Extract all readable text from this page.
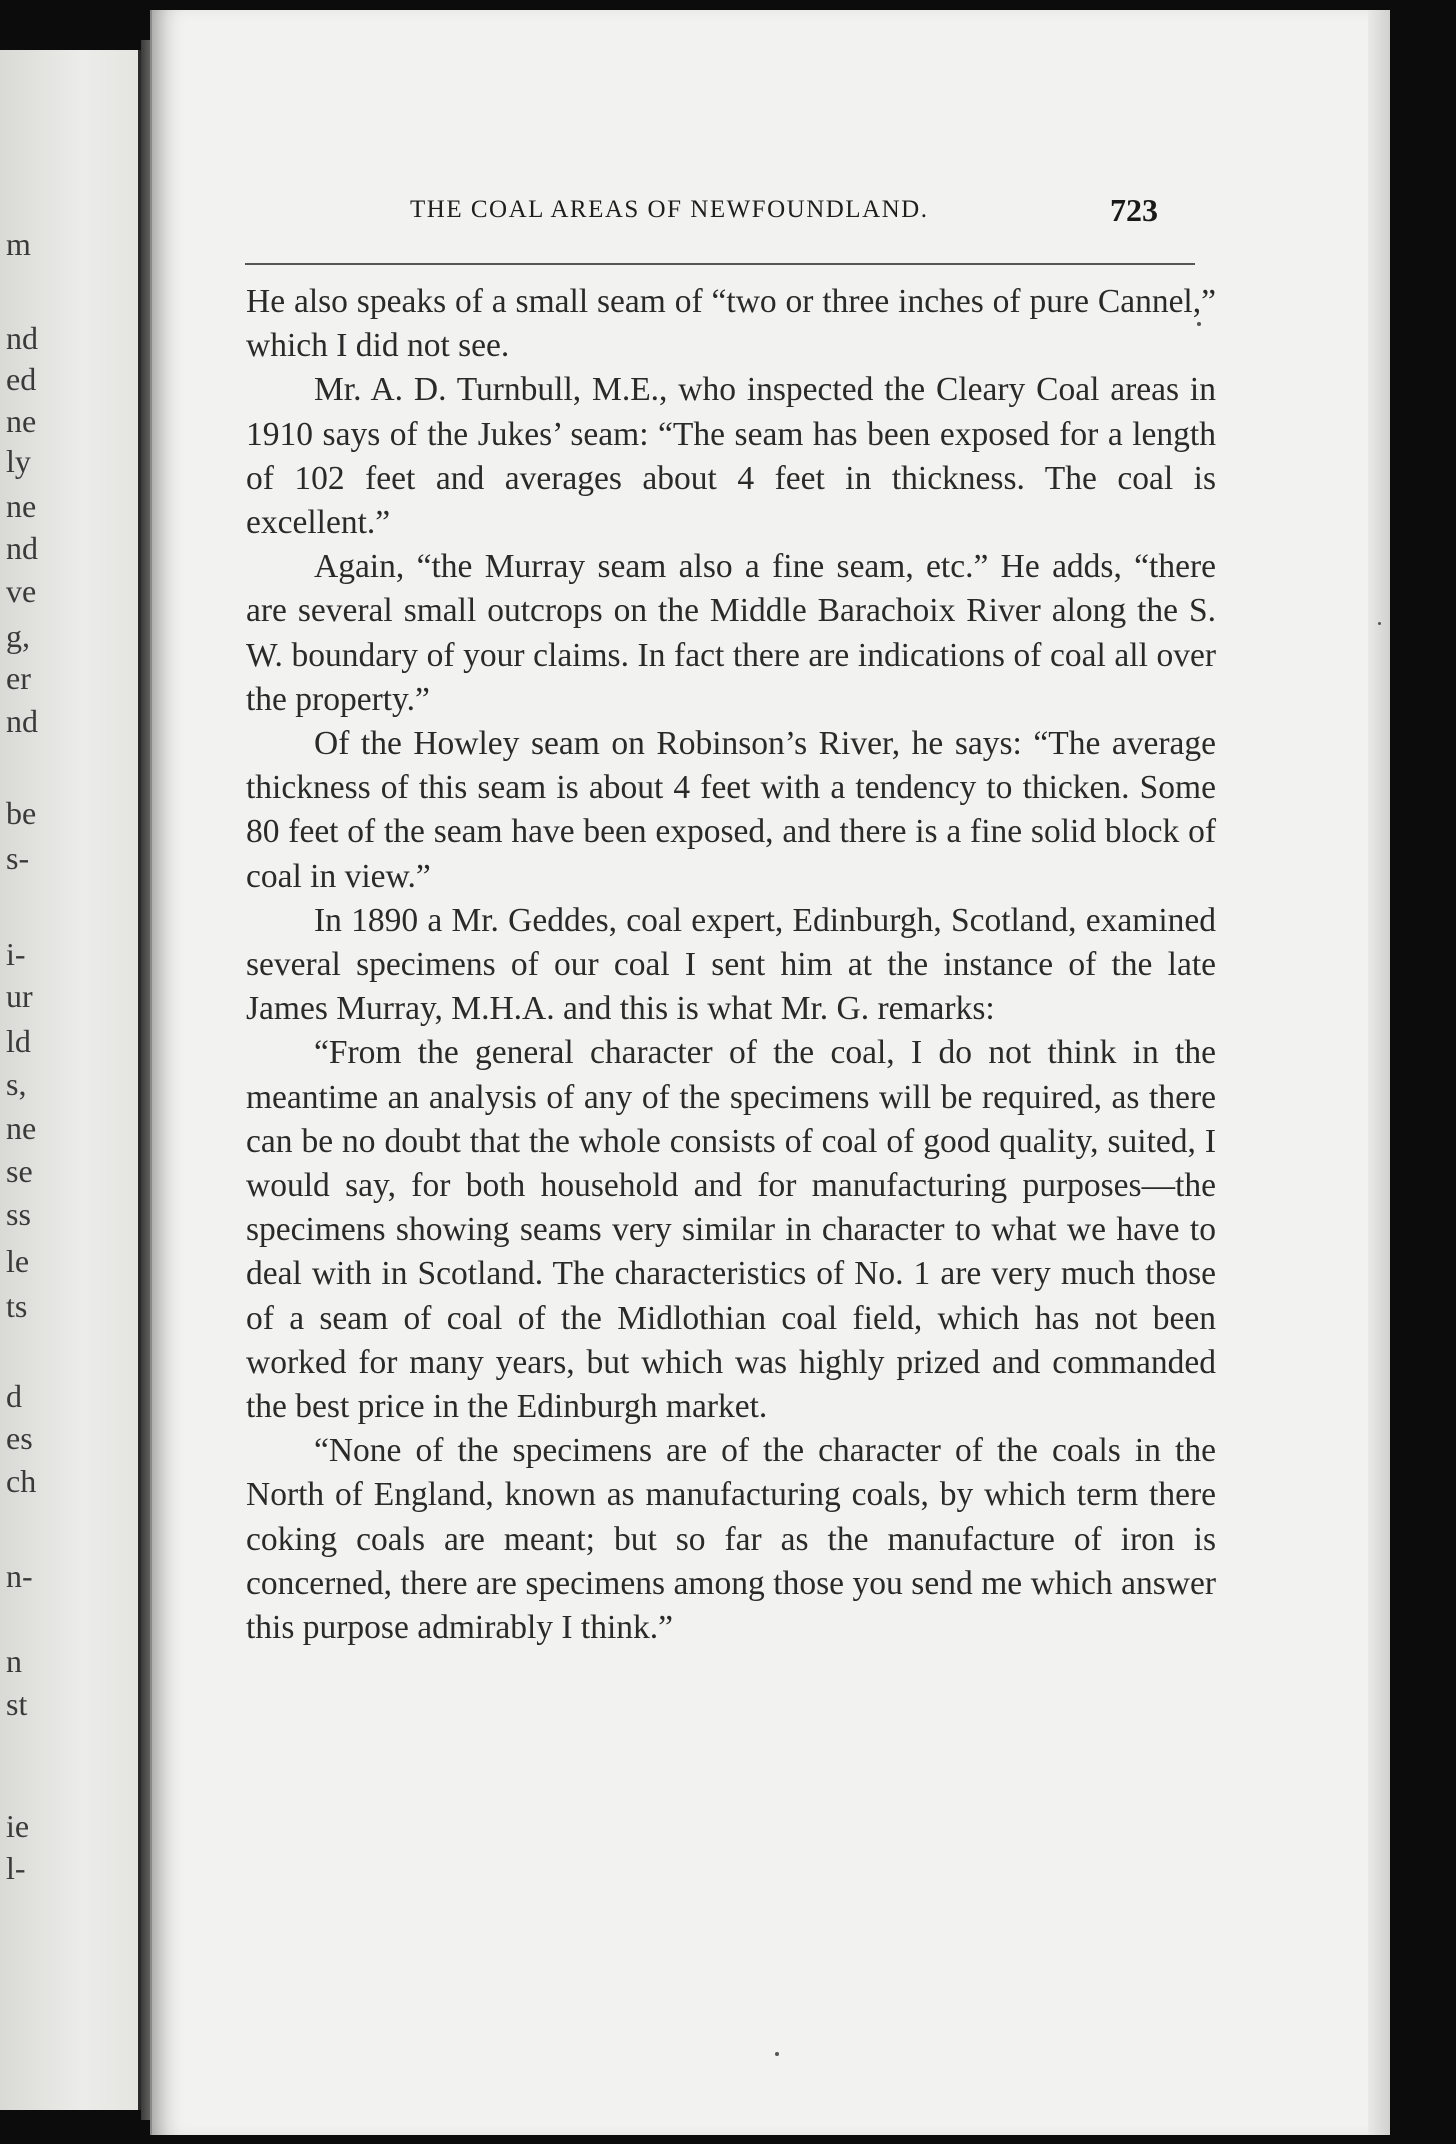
m
nd
ed
ne
ly
ne
nd
ve
g,
er
nd
be
s-
i-
ur
ld
s,
ne
se
ss
le
ts
d
es
ch
n-
n
st
ie
l-
THE COAL AREAS OF NEWFOUNDLAND.	723

He also speaks of a small seam of “two or three inches of pure Cannel,” which I did not see.

Mr. A. D. Turnbull, M.E., who inspected the Cleary Coal areas in 1910 says of the Jukes’ seam: “The seam has been exposed for a length of 102 feet and averages about 4 feet in thickness. The coal is excellent.”

Again, “the Murray seam also a fine seam, etc.” He adds, “there are several small outcrops on the Middle Barachoix River along the S. W. boundary of your claims. In fact there are indications of coal all over the property.”

Of the Howley seam on Robinson’s River, he says: “The average thickness of this seam is about 4 feet with a tendency to thicken. Some 80 feet of the seam have been exposed, and there is a fine solid block of coal in view.”

In 1890 a Mr. Geddes, coal expert, Edinburgh, Scotland, examined several specimens of our coal I sent him at the instance of the late James Murray, M.H.A. and this is what Mr. G. remarks:

“From the general character of the coal, I do not think in the meantime an analysis of any of the specimens will be required, as there can be no doubt that the whole consists of coal of good quality, suited, I would say, for both household and for manufacturing purposes—the specimens showing seams very similar in character to what we have to deal with in Scotland. The characteristics of No. 1 are very much those of a seam of coal of the Midlothian coal field, which has not been worked for many years, but which was highly prized and commanded the best price in the Edinburgh market.

“None of the specimens are of the character of the coals in the North of England, known as manufacturing coals, by which term there coking coals are meant; but so far as the manufacture of iron is concerned, there are specimens among those you send me which answer this purpose admirably I think.”
